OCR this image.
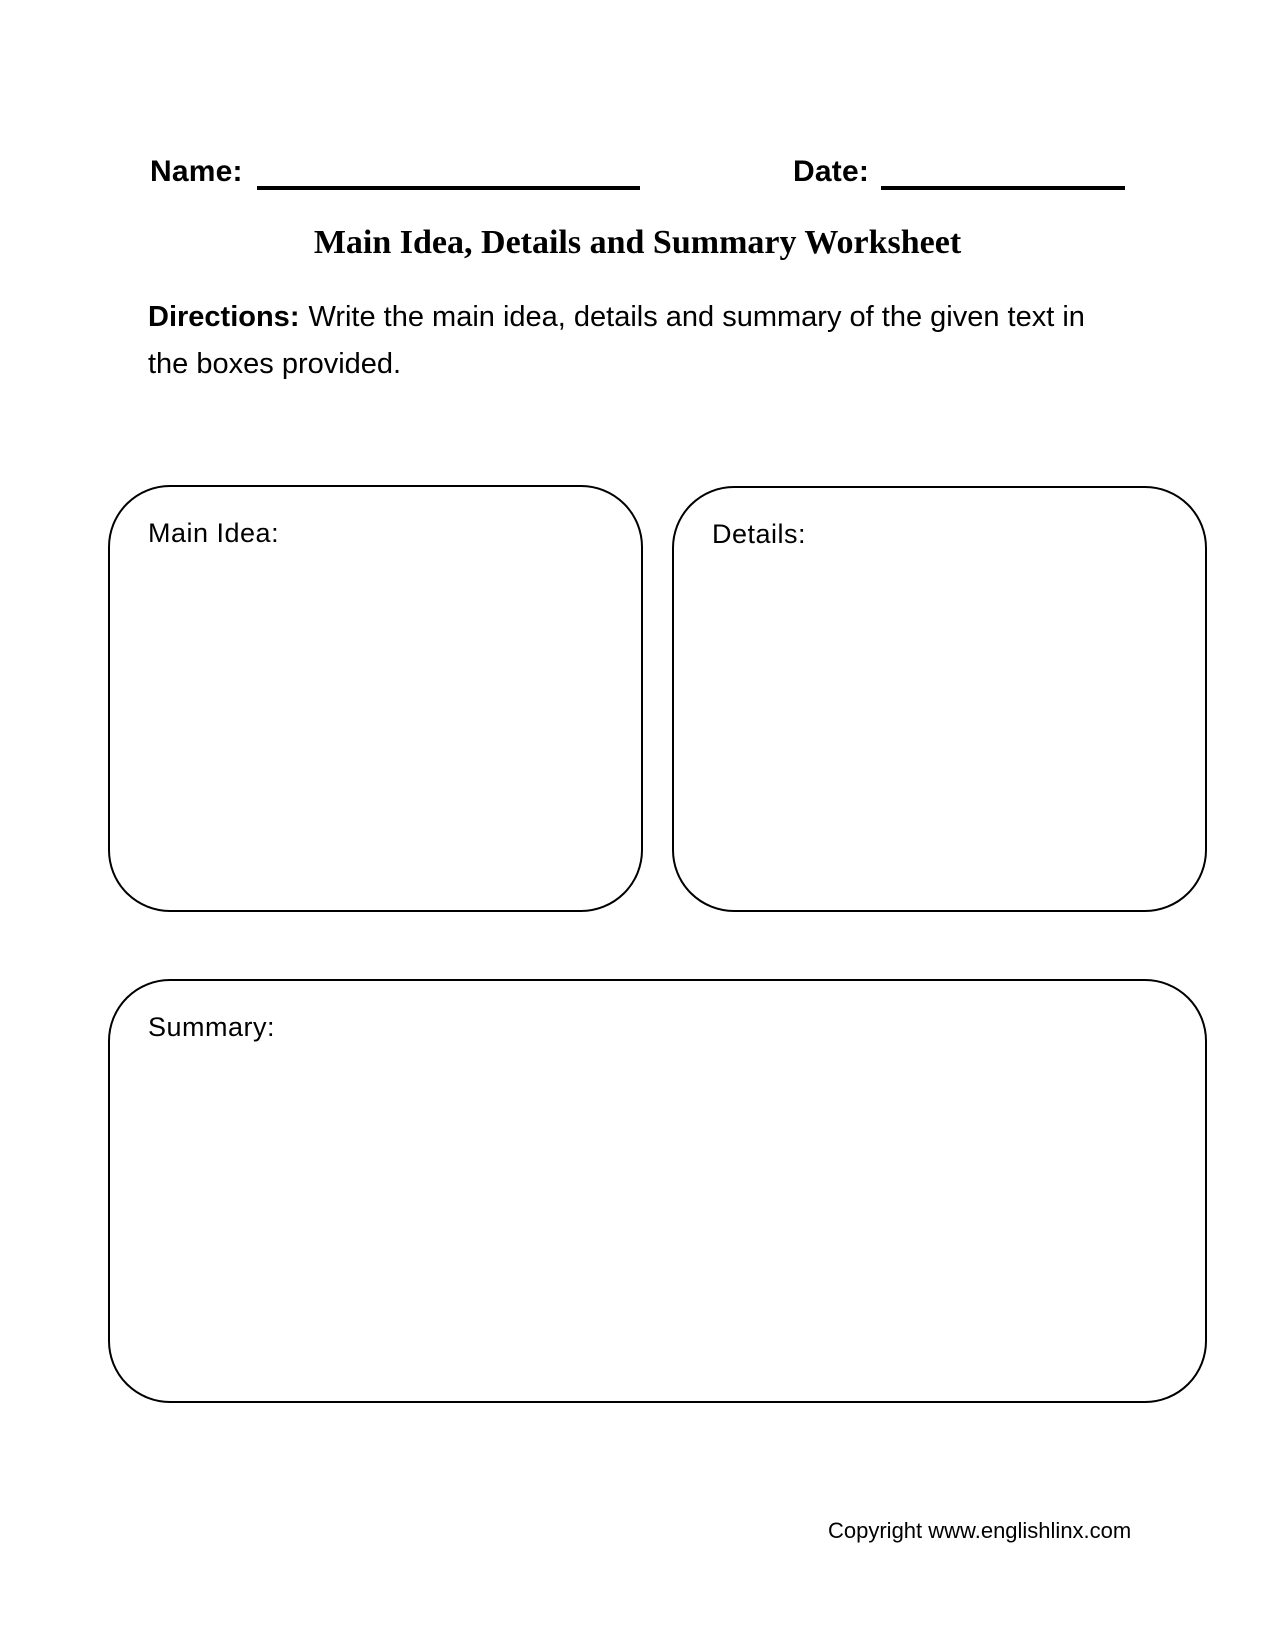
Name:	Date:
Main Idea, Details and Summary Worksheet
Directions: Write the main idea, details and summary of the given text in the boxes provided.
Main Idea:	Details:
Summary:
Copyright www.englishlinx.com
